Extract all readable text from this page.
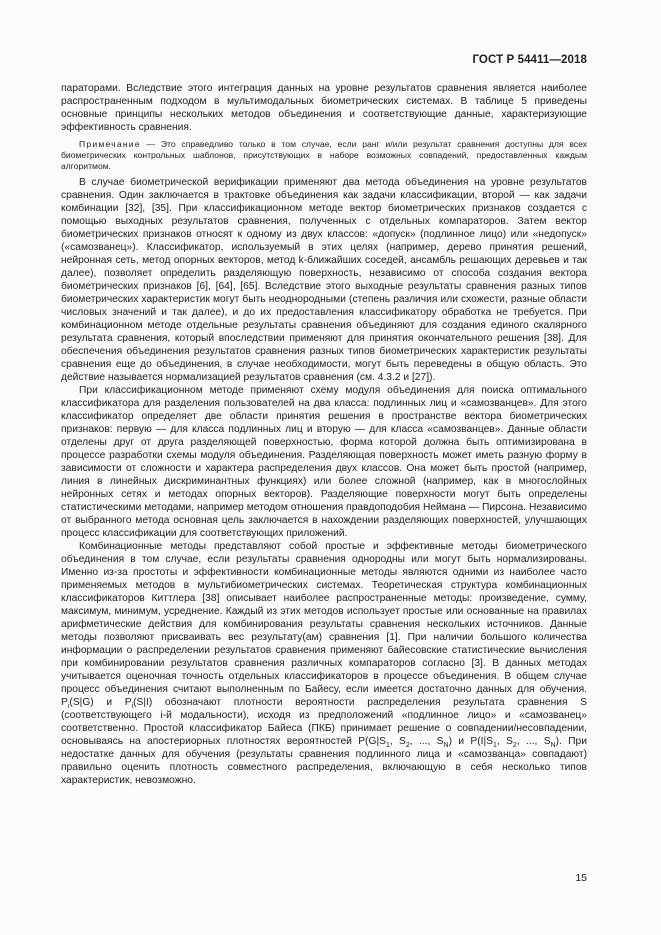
ГОСТ Р 54411—2018

параторами. Вследствие этого интеграция данных на уровне результатов сравнения является наиболее распространенным подходом в мультимодальных биометрических системах. В таблице 5 приведены основные принципы нескольких методов объединения и соответствующие данные, характеризующие эффективность сравнения.

Примечание — Это справедливо только в том случае, если ранг и/или результат сравнения доступны для всех биометрических контрольных шаблонов, присутствующих в наборе возможных совпадений, предоставленных каждым алгоритмом.

В случае биометрической верификации применяют два метода объединения на уровне результатов сравнения. Один заключается в трактовке объединения как задачи классификации, второй — как задачи комбинации [32], [35]. При классификационном методе вектор биометрических признаков создается с помощью выходных результатов сравнения, полученных с отдельных компараторов. Затем вектор биометрических признаков относят к одному из двух классов: «допуск» (подлинное лицо) или «недопуск» («самозванец»). Классификатор, используемый в этих целях (например, дерево принятия решений, нейронная сеть, метод опорных векторов, метод k-ближайших соседей, ансамбль решающих деревьев и так далее), позволяет определить разделяющую поверхность, независимо от способа создания вектора биометрических признаков [6], [64], [65]. Вследствие этого выходные результаты сравнения разных типов биометрических характеристик могут быть неоднородными (степень различия или схожести, разные области числовых значений и так далее), и до их предоставления классификатору обработка не требуется. При комбинационном методе отдельные результаты сравнения объединяют для создания единого скалярного результата сравнения, который впоследствии применяют для принятия окончательного решения [38]. Для обеспечения объединения результатов сравнения разных типов биометрических характеристик результаты сравнения еще до объединения, в случае необходимости, могут быть переведены в общую область. Это действие называется нормализацией результатов сравнения (см. 4.3.2 и [27]).

При классификационном методе применяют схему модуля объединения для поиска оптимального классификатора для разделения пользователей на два класса: подлинных лиц и «самозванцев». Для этого классификатор определяет две области принятия решения в пространстве вектора биометрических признаков: первую — для класса подлинных лиц и вторую — для класса «самозванцев». Данные области отделены друг от друга разделяющей поверхностью, форма которой должна быть оптимизирована в процессе разработки схемы модуля объединения. Разделяющая поверхность может иметь разную форму в зависимости от сложности и характера распределения двух классов. Она может быть простой (например, линия в линейных дискриминантных функциях) или более сложной (например, как в многослойных нейронных сетях и методах опорных векторов). Разделяющие поверхности могут быть определены статистическими методами, например методом отношения правдоподобия Неймана — Пирсона. Независимо от выбранного метода основная цель заключается в нахождении разделяющих поверхностей, улучшающих процесс классификации для соответствующих приложений.

Комбинационные методы представляют собой простые и эффективные методы биометрического объединения в том случае, если результаты сравнения однородны или могут быть нормализированы. Именно из-за простоты и эффективности комбинационные методы являются одними из наиболее часто применяемых методов в мультибиометрических системах. Теоретическая структура комбинационных классификаторов Киттлера [38] описывает наиболее распространенные методы: произведение, сумму, максимум, минимум, усреднение. Каждый из этих методов использует простые или основанные на правилах арифметические действия для комбинирования результаты сравнения нескольких источников. Данные методы позволяют присваивать вес результату(ам) сравнения [1]. При наличии большого количества информации о распределении результатов сравнения применяют байесовские статистические вычисления при комбинировании результатов сравнения различных компараторов согласно [3]. В данных методах учитывается оценочная точность отдельных классификаторов в процессе объединения. В общем случае процесс объединения считают выполненным по Байесу, если имеется достаточно данных для обучения. $P_i(S|G)$ и $P_i(S|I)$ обозначают плотности вероятности распределения результата сравнения S (соответствующего i-й модальности), исходя из предположений «подлинное лицо» и «самозванец» соответственно. Простой классификатор Байеса (ПКБ) принимает решение о совпадении/несовпадении, основываясь на апостериорных плотностях вероятностей $P(G|S_1$, $S_2$, ..., $S_N$) и $P(I|S_1$, $S_2$, ..., $S_N$). При недостатке данных для обучения (результаты сравнения подлинного лица и «самозванца» совпадают) правильно оценить плотность совместного распределения, включающую в себя несколько типов характеристик, невозможно.

15
